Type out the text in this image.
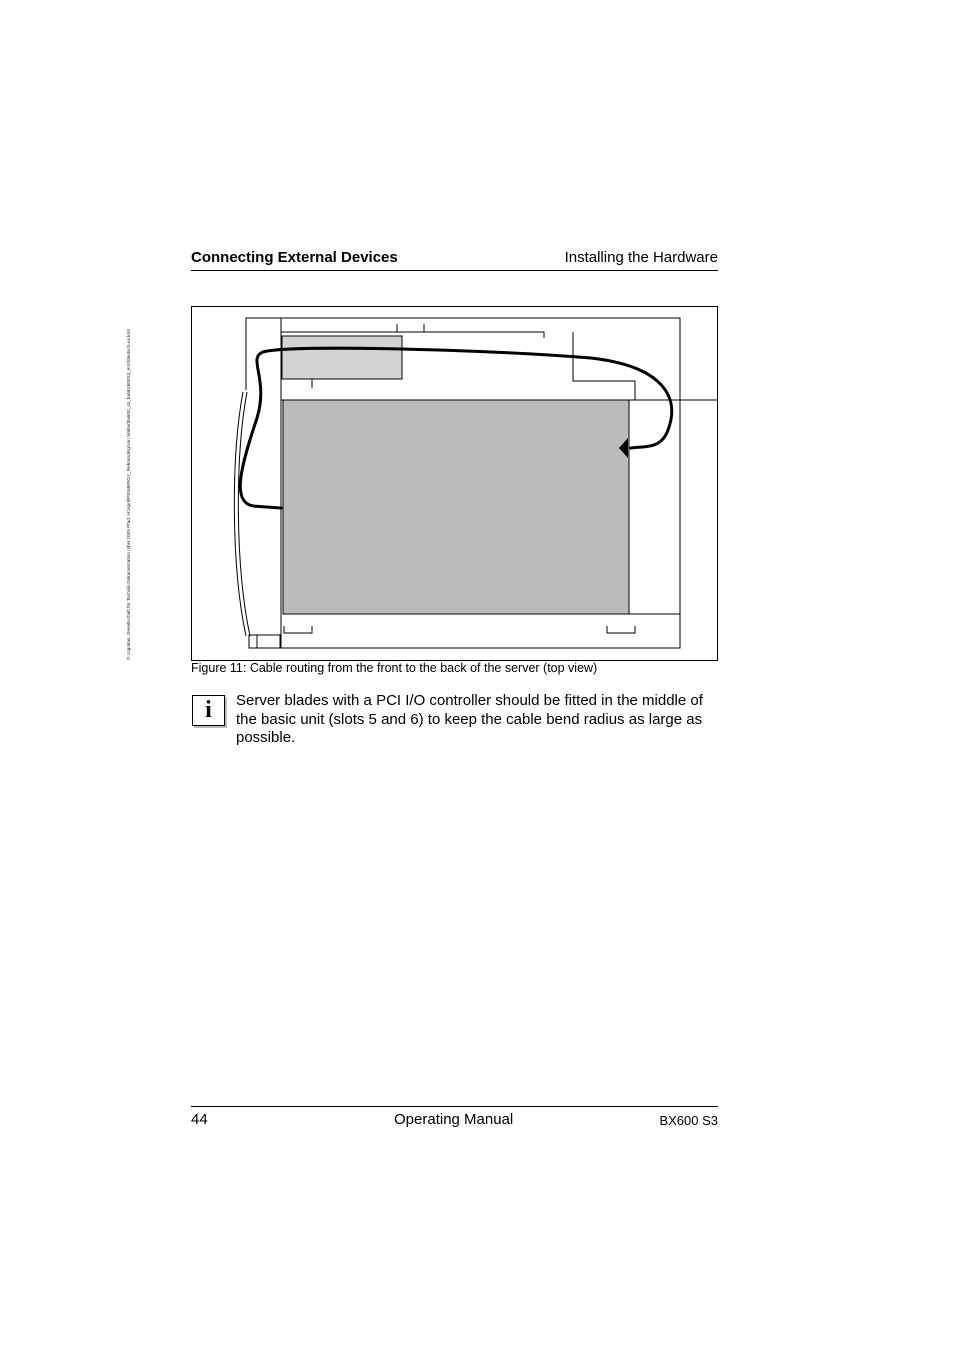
© cognitas. Gesellschaft für Technik-Dokumentation mbH 2009 Pfad: H:\April\PRIMERGY_Rebranding\von Walter\bx600_s3_ba\BX600S3_en\Ifdeutsch-us.k04
Connecting External Devices	Installing the Hardware
Figure 11: Cable routing from the front to the back of the server (top view)
i	Server blades with a PCI I/O controller should be fitted in the middle of the basic unit (slots 5 and 6) to keep the cable bend radius as large as possible.
44	Operating Manual	BX600 S3
